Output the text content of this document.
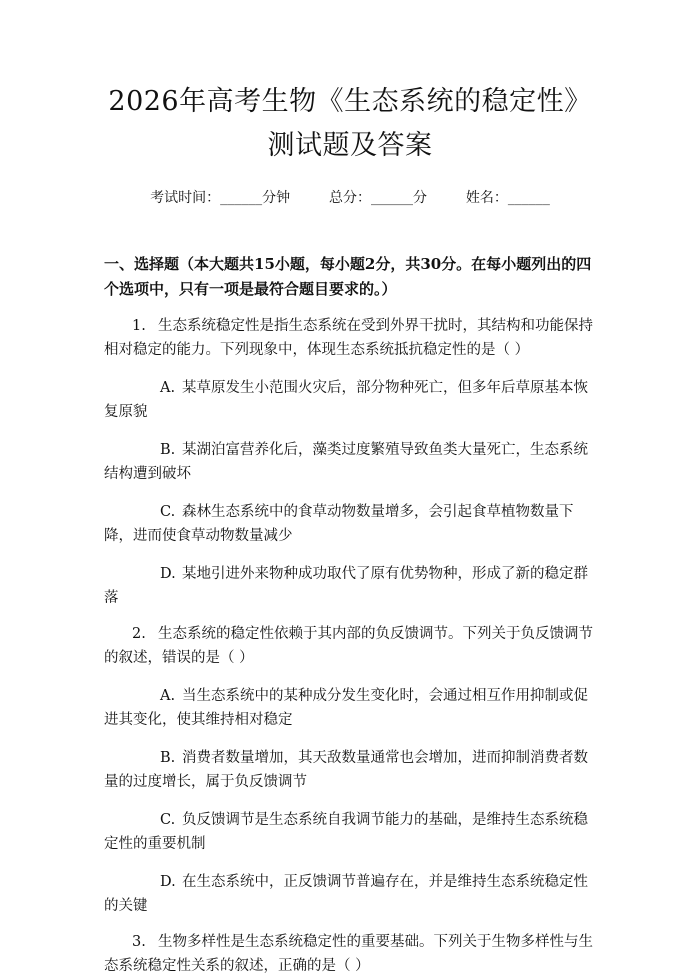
2026年高考生物《生态系统的稳定性》测试题及答案
考试时间：______分钟	总分：______分	姓名：______
一、选择题（本大题共15小题，每小题2分，共30分。在每小题列出的四个选项中，只有一项是最符合题目要求的。）
1. 生态系统稳定性是指生态系统在受到外界干扰时，其结构和功能保持相对稳定的能力。下列现象中，体现生态系统抵抗稳定性的是（ ）
A. 某草原发生小范围火灾后，部分物种死亡，但多年后草原基本恢复原貌
B. 某湖泊富营养化后，藻类过度繁殖导致鱼类大量死亡，生态系统结构遭到破坏
C. 森林生态系统中的食草动物数量增多，会引起食草植物数量下降，进而使食草动物数量减少
D. 某地引进外来物种成功取代了原有优势物种，形成了新的稳定群落
2. 生态系统的稳定性依赖于其内部的负反馈调节。下列关于负反馈调节的叙述，错误的是（ ）
A. 当生态系统中的某种成分发生变化时，会通过相互作用抑制或促进其变化，使其维持相对稳定
B. 消费者数量增加，其天敌数量通常也会增加，进而抑制消费者数量的过度增长，属于负反馈调节
C. 负反馈调节是生态系统自我调节能力的基础，是维持生态系统稳定性的重要机制
D. 在生态系统中，正反馈调节普遍存在，并是维持生态系统稳定性的关键
3. 生物多样性是生态系统稳定性的重要基础。下列关于生物多样性与生态系统稳定性关系的叙述，正确的是（ ）
